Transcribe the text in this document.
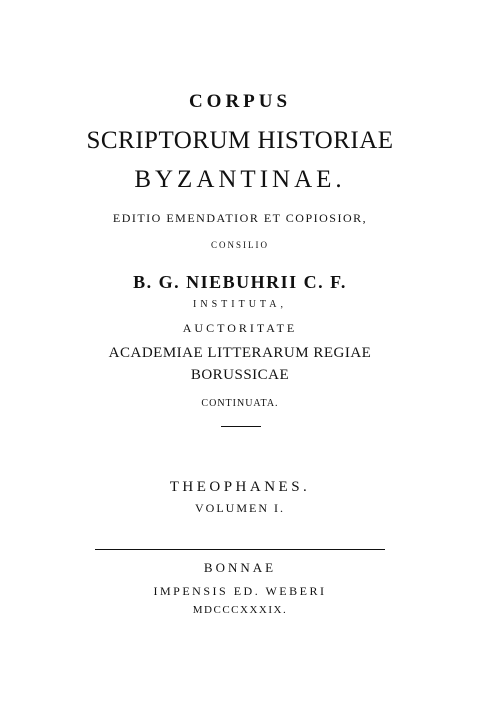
CORPUS
SCRIPTORUM HISTORIAE
BYZANTINAE.
EDITIO EMENDATIOR ET COPIOSIOR,
CONSILIO
B. G. NIEBUHRII C. F.
INSTITUTA,
AUCTORITATE
ACADEMIAE LITTERARUM REGIAE
BORUSSICAE
CONTINUATA.
THEOPHANES.
VOLUMEN I.
BONNAE
IMPENSIS ED. WEBERI
MDCCCXXXIX.
